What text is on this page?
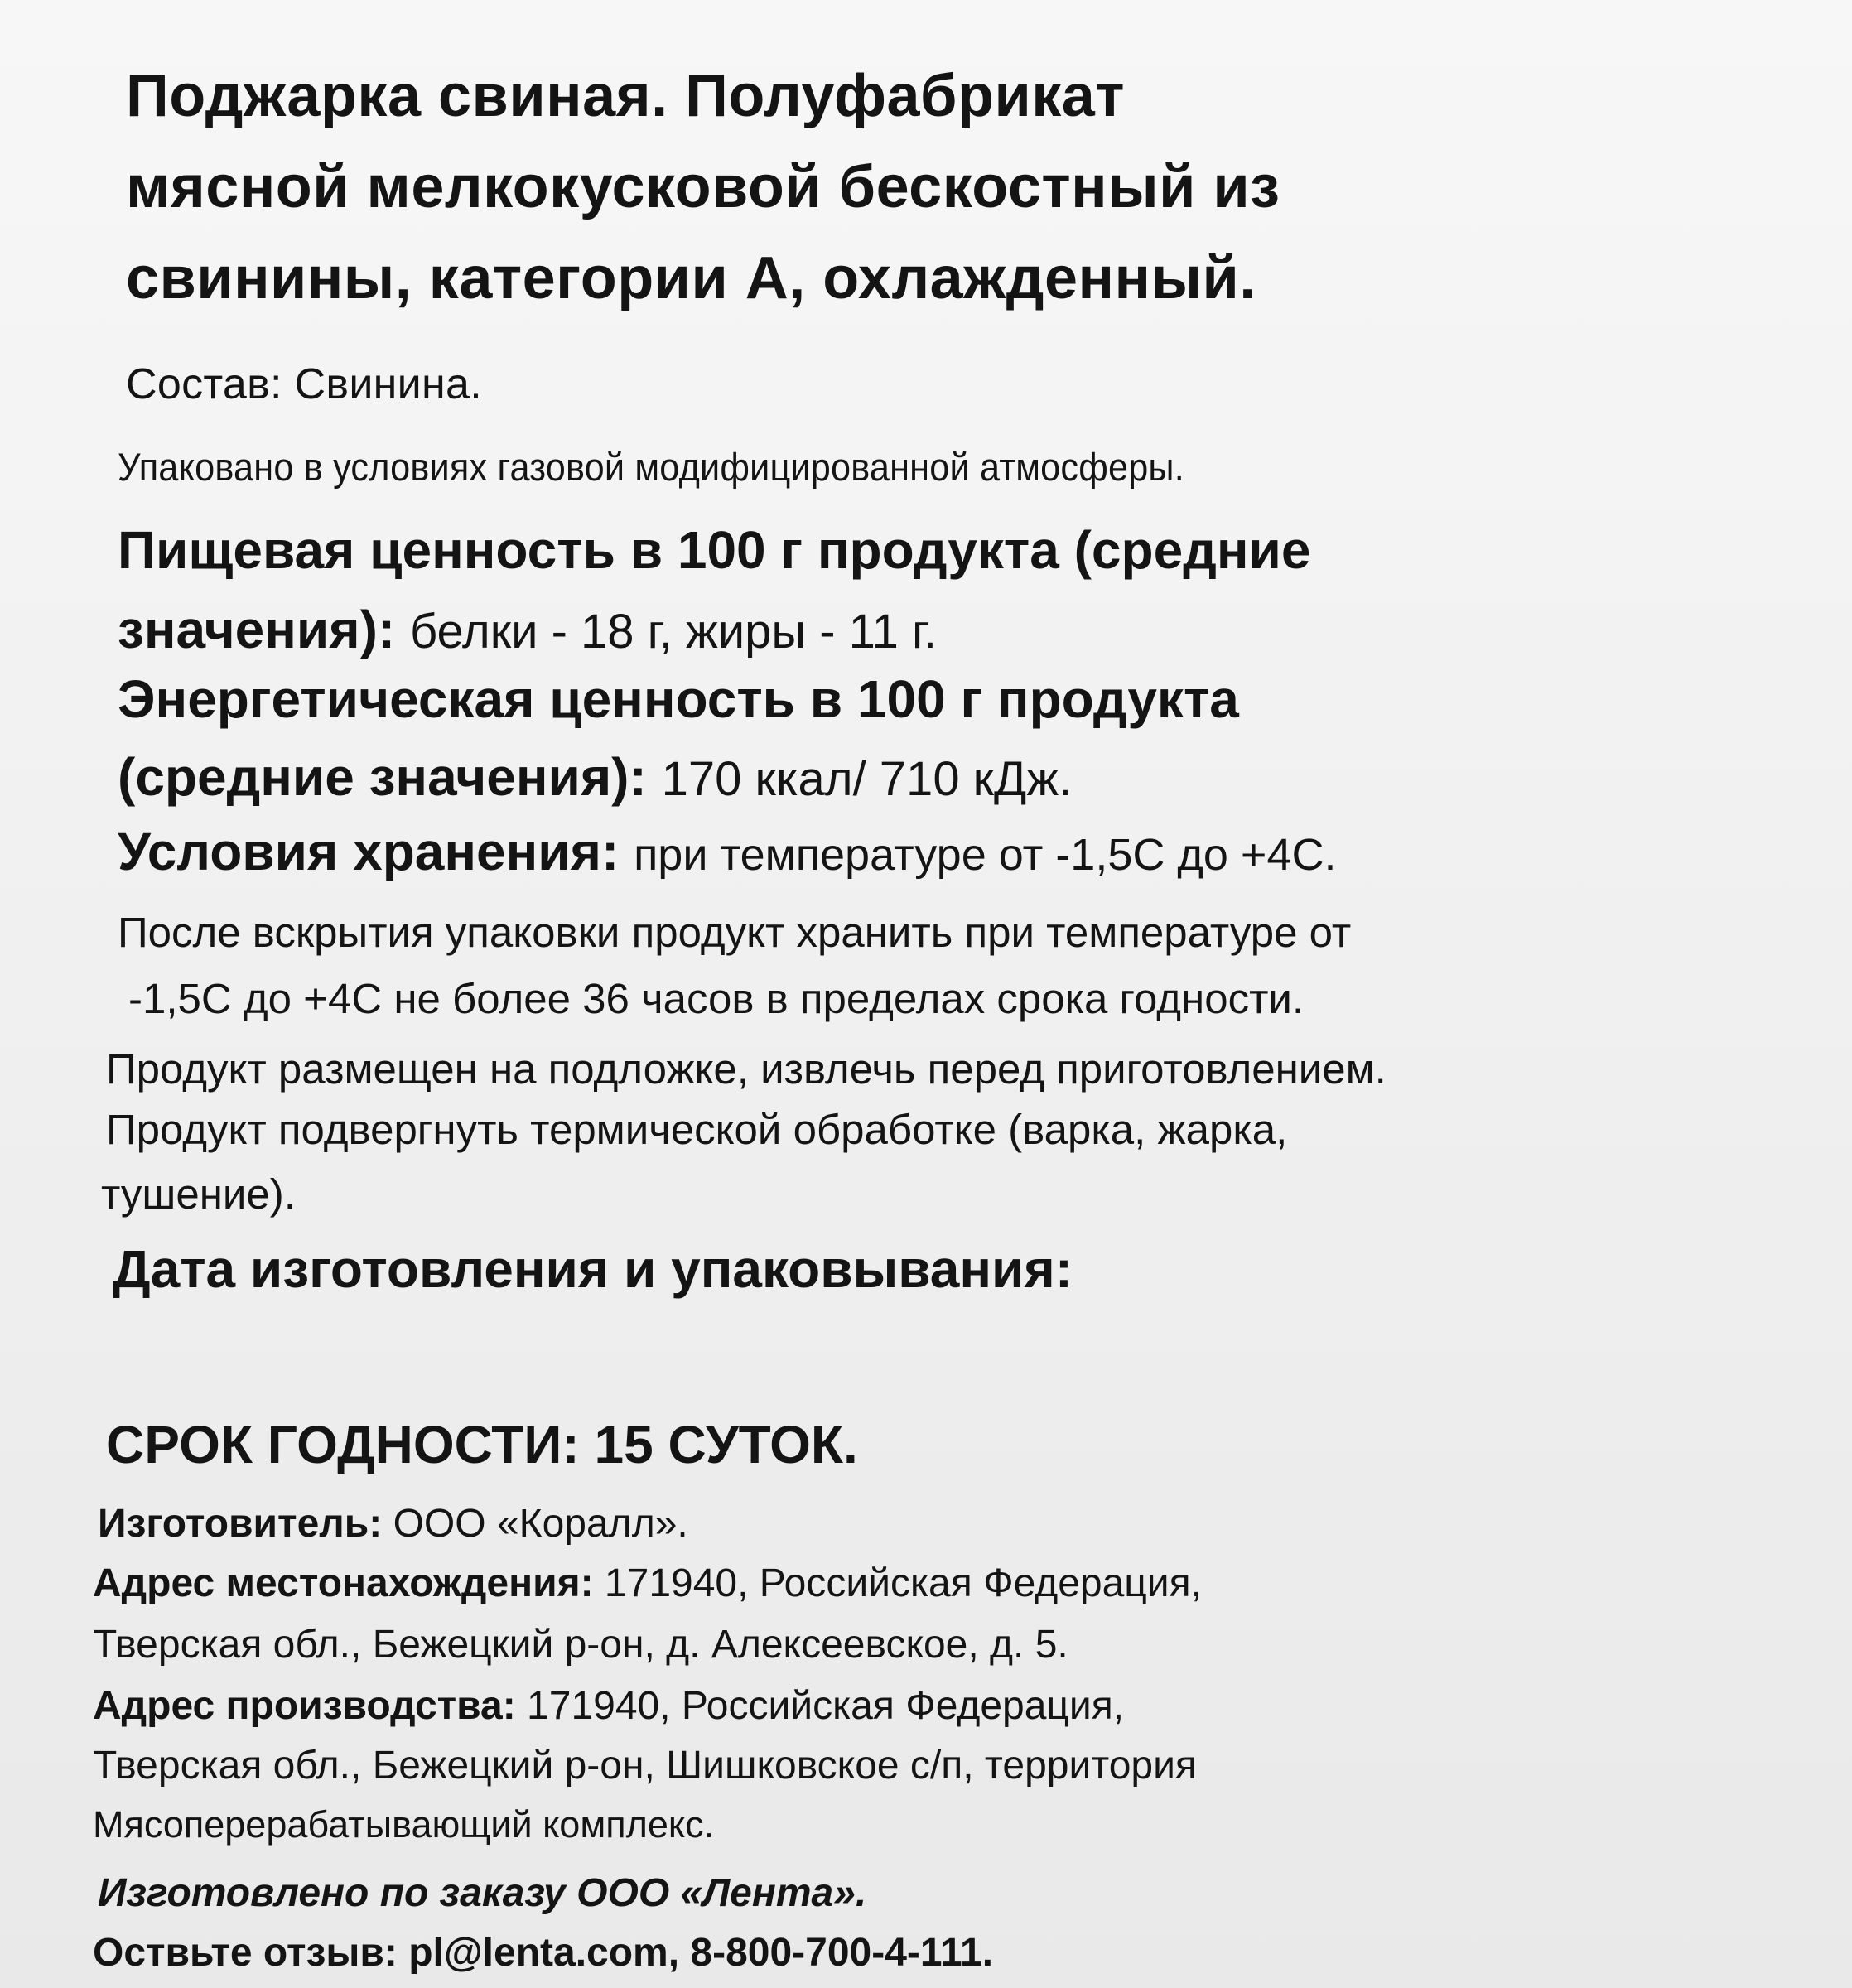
Поджарка свиная. Полуфабрикат

мясной мелкокусковой бескостный из

свинины, категории А, охлажденный.

Состав: Свинина.

Упаковано в условиях газовой модифицированной атмосферы.

Пищевая ценность в 100 г продукта (средние

значения): белки - 18 г, жиры - 11 г.

Энергетическая ценность в 100 г продукта

(средние значения): 170 ккал/ 710 кДж.

Условия хранения: при температуре от -1,5С до +4С.

После вскрытия упаковки продукт хранить при температуре от

-1,5С до +4С не более 36 часов в пределах срока годности.

Продукт размещен на подложке, извлечь перед приготовлением.

Продукт подвергнуть термической обработке (варка, жарка,

тушение).

Дата изготовления и упаковывания:

СРОК ГОДНОСТИ: 15 СУТОК.

Изготовитель: ООО «Коралл».

Адрес местонахождения: 171940, Российская Федерация,

Тверская обл., Бежецкий р-он, д. Алексеевское, д. 5.

Адрес производства: 171940, Российская Федерация,

Тверская обл., Бежецкий р-он, Шишковское с/п, территория

Мясоперерабатывающий комплекс.

Изготовлено по заказу ООО «Лента».

Оствьте отзыв: pl@lenta.com, 8-800-700-4-111.
